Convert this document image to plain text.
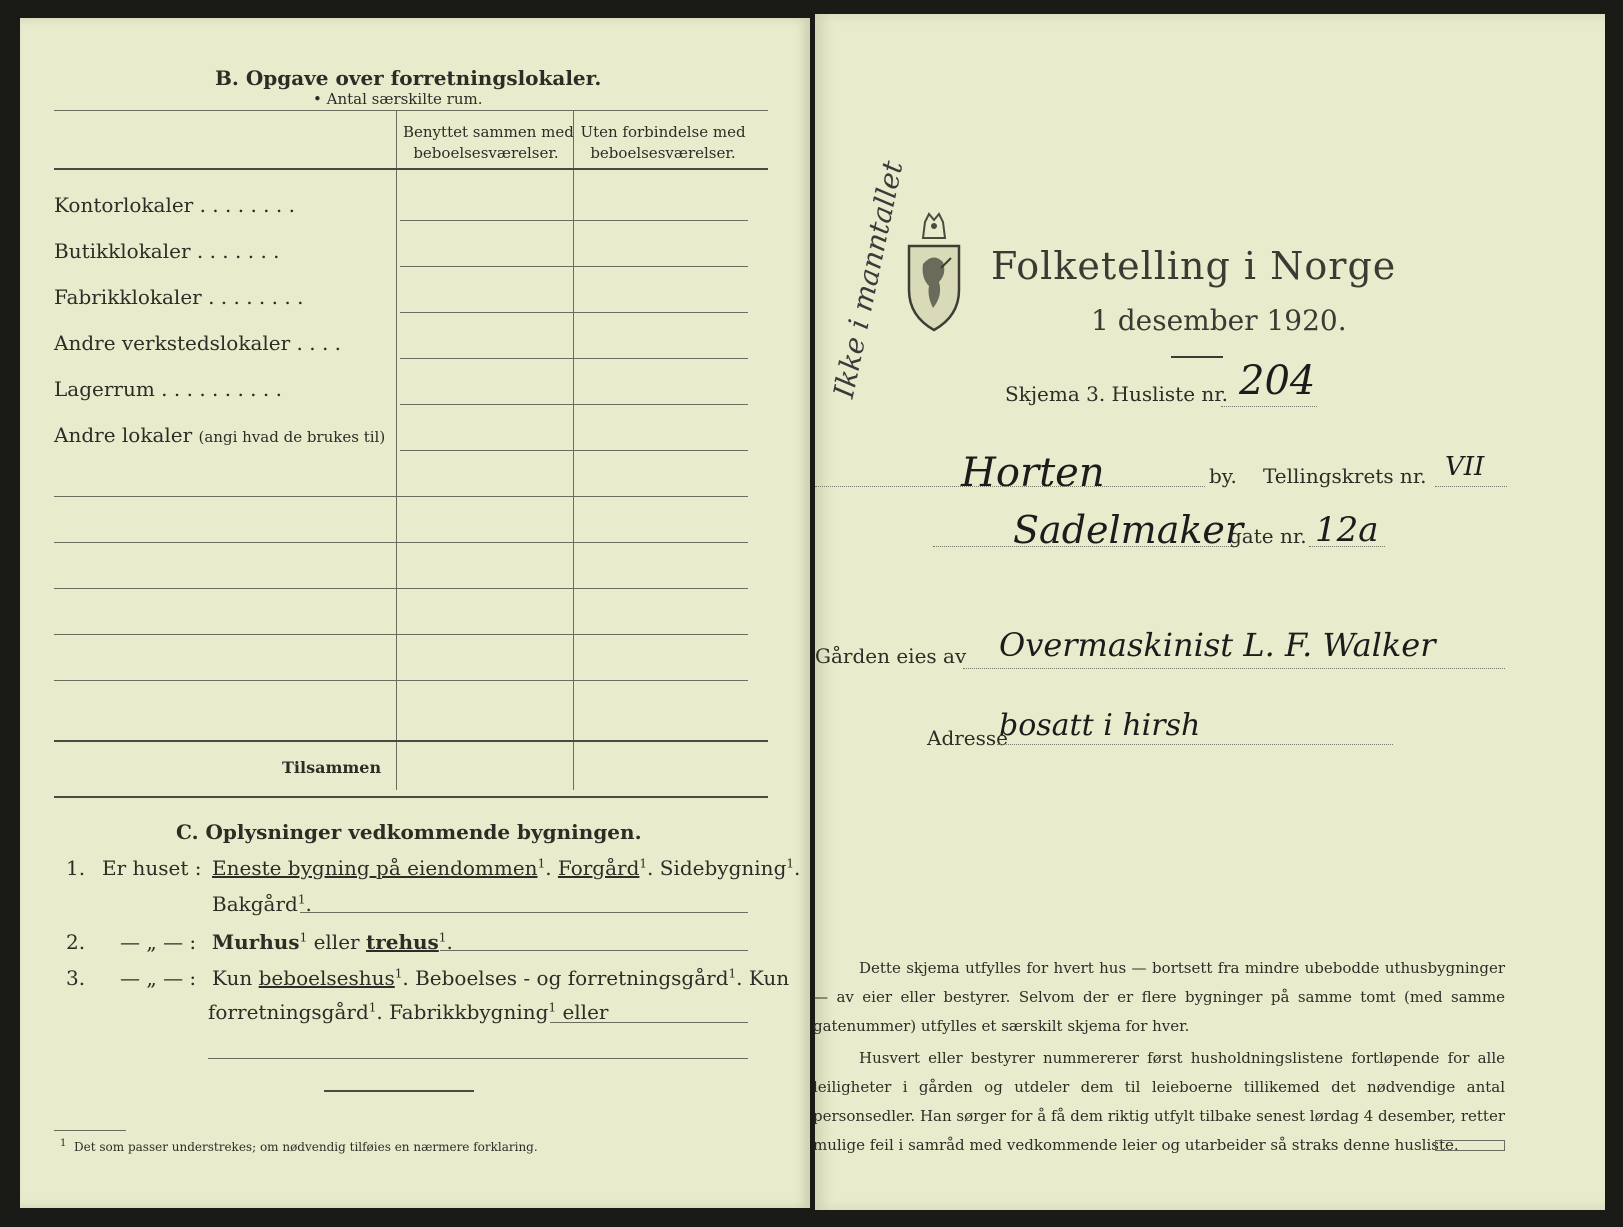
B. Opgave over forretningslokaler.
• Antal særskilte rum.
Benyttet sammen med
beboelsesværelser.
Uten forbindelse med
beboelsesværelser.
Kontorlokaler . . . . . . . .
Butikklokaler . . . . . . .
Fabrikklokaler . . . . . . . .
Andre verkstedslokaler . . . .
Lagerrum . . . . . . . . . .
Andre lokaler (angi hvad de brukes til)
Tilsammen
C. Oplysninger vedkommende bygningen.
1. Er huset : Eneste bygning på eiendommen$^1$. Forgård$^1$. Sidebygning$^1$.
Bakgård$^1$.
2. — „ — : Murhus$^1$ eller trehus$^1$.
3. — „ — : Kun beboelseshus$^1$. Beboelses - og forretningsgård$^1$. Kun
forretningsgård$^1$. Fabrikkbygning$^1$ eller
$^1$ Det som passer understrekes; om nødvendig tilføies en nærmere forklaring.
Ikke i manntallet Folketelling i Norge
1 desember 1920.
Skjema 3. Husliste nr. 204
Horten	by. Tellingskrets nr. VII
Sadelmaker
gate nr. 12a
Gården eies av Overmaskinist L. F. Walker
Adresse
bosatt i hirsh
Dette skjema utfylles for hvert hus — bortsett fra mindre ubebodde uthusbygninger — av eier eller bestyrer. Selvom der er flere bygninger på samme tomt (med samme gatenummer) utfylles et særskilt skjema for hver.
Husvert eller bestyrer nummererer først husholdningslistene fortløpende for alle leiligheter i gården og utdeler dem til leieboerne tillikemed det nødvendige antal personsedler. Han sørger for å få dem riktig utfylt tilbake senest lørdag 4 desember, retter mulige feil i samråd med vedkommende leier og utarbeider så straks denne husliste.
